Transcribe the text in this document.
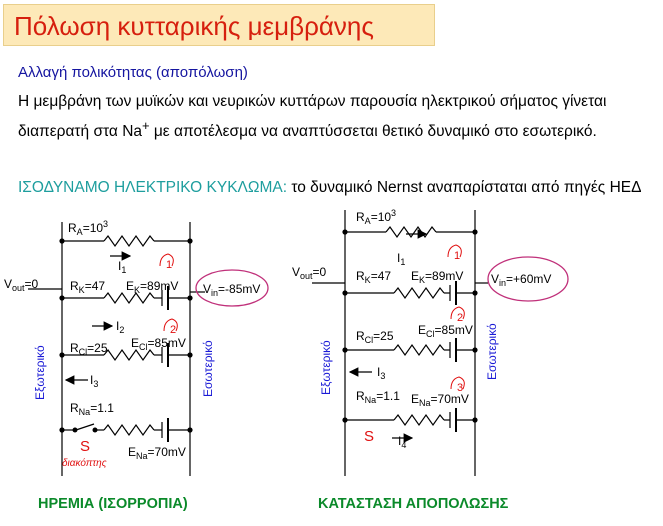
Πόλωση κυτταρικής μεμβράνης
Αλλαγή πολικότητας (αποπόλωση)
Η μεμβράνη των μυϊκών και νευρικών κυττάρων παρουσία ηλεκτρικού σήματος γίνεται διαπερατή στα Na+ με αποτέλεσμα να αναπτύσσεται θετικό δυναμικό στο εσωτερικό.
ΙΣΟΔΥΝΑΜΟ ΗΛΕΚΤΡΙΚΟ ΚΥΚΛΩΜΑ: το δυναμικό Nernst αναπαρίσταται από πηγές ΗΕΔ
$R_A=10^3$
$I_1$	1
$V_{out}=0$	$R_K=47$ $E_K=89mV$ $V_{in}=-85mV$
$I_2$	2
$R_{Cl}=25$ $E_{Cl}=85mV$
$I_3$
$R_{Na}=1.1$
$E_{Na}=70mV$
S
διακόπτης
Εξωτερικό	Εσωτερικό
$R_A=10^3$
$I_1$	1
$V_{out}=0$ $R_K=47$ $E_K=89mV$ $V_{in}=+60mV$
2
$R_{Cl}=25$ $E_{Cl}=85mV$
$I_3$
3
$R_{Na}=1.1$ $E_{Na}=70mV$
S $I_4$
Εξωτερικό	Εσωτερικό
ΗΡΕΜΙΑ (ΙΣΟΡΡΟΠΙΑ)	ΚΑΤΑΣΤΑΣΗ ΑΠΟΠΟΛΩΣΗΣ
